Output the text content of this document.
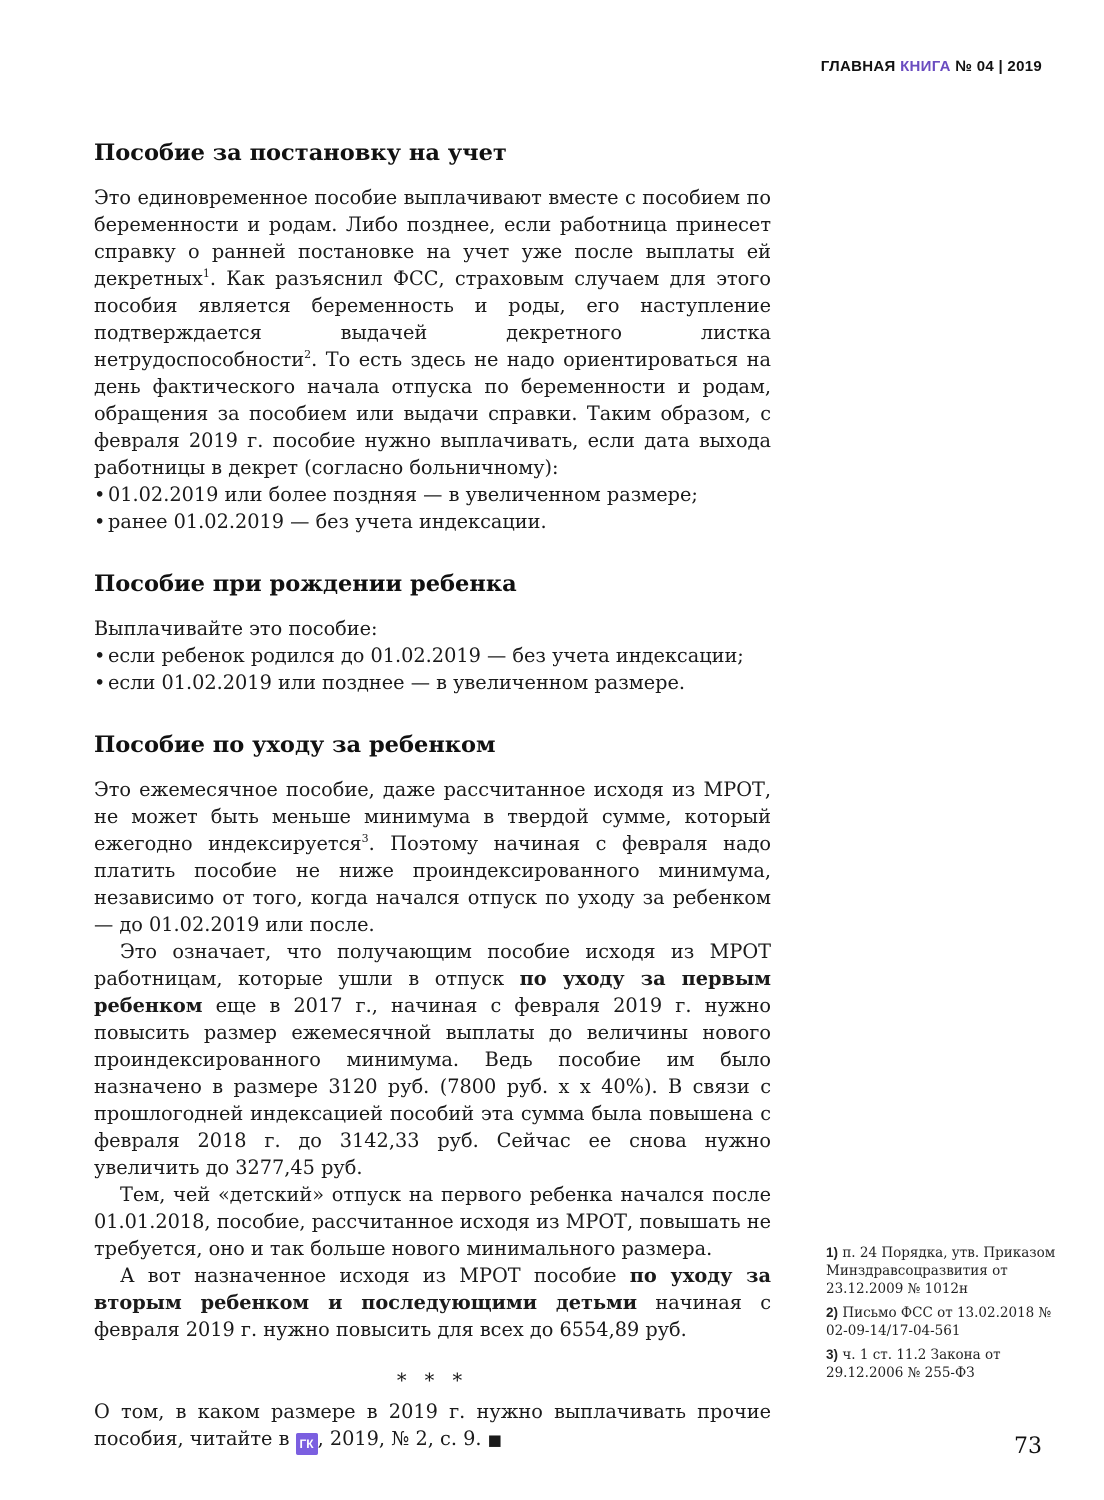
ГЛАВНАЯ КНИГА № 04 | 2019
Пособие за постановку на учет

Это единовременное пособие выплачивают вместе с пособием по беременности и родам. Либо позднее, если работница принесет справку о ранней постановке на учет уже после выплаты ей декретных$^1$. Как разъяснил ФСС, страховым случаем для этого пособия является беременность и роды, его наступление подтверждается выдачей декретного листка нетрудоспособности$^2$. То есть здесь не надо ориентироваться на день фактического начала отпуска по беременности и родам, обращения за пособием или выдачи справки. Таким образом, с февраля 2019 г. пособие нужно выплачивать, если дата выхода работницы в декрет (согласно больничному):

• 01.02.2019 или более поздняя — в увеличенном размере;
• ранее 01.02.2019 — без учета индексации.
Пособие при рождении ребенка

Выплачивайте это пособие:

• если ребенок родился до 01.02.2019 — без учета индексации;
• если 01.02.2019 или позднее — в увеличенном размере.
Пособие по уходу за ребенком

Это ежемесячное пособие, даже рассчитанное исходя из МРОТ, не может быть меньше минимума в твердой сумме, который ежегодно индексируется$^3$. Поэтому начиная с февраля надо платить пособие не ниже проиндексированного минимума, независимо от того, когда начался отпуск по уходу за ребенком — до 01.02.2019 или после.

Это означает, что получающим пособие исходя из МРОТ работницам, которые ушли в отпуск по уходу за первым ребенком еще в 2017 г., начиная с февраля 2019 г. нужно повысить размер ежемесячной выплаты до величины нового проиндексированного минимума. Ведь пособие им было назначено в размере 3120 руб. (7800 руб. х х 40%). В связи с прошлогодней индексацией пособий эта сумма была повышена с февраля 2018 г. до 3142,33 руб. Сейчас ее снова нужно увеличить до 3277,45 руб.

Тем, чей «детский» отпуск на первого ребенка начался после 01.01.2018, пособие, рассчитанное исходя из МРОТ, повышать не требуется, оно и так больше нового минимального размера.

А вот назначенное исходя из МРОТ пособие по уходу за вторым ребенком и последующими детьми начиная с февраля 2019 г. нужно повысить для всех до 6554,89 руб.

* * *

О том, в каком размере в 2019 г. нужно выплачивать прочие пособия, читайте в ГК , 2019, № 2, с. 9. ■

1) п. 24 Порядка, утв. Приказом Минздравсоцразвития от 23.12.2009 № 1012н
2) Письмо ФСС от 13.02.2018 № 02-09-14/17-04-561
3) ч. 1 ст. 11.2 Закона от 29.12.2006 № 255-ФЗ
73
